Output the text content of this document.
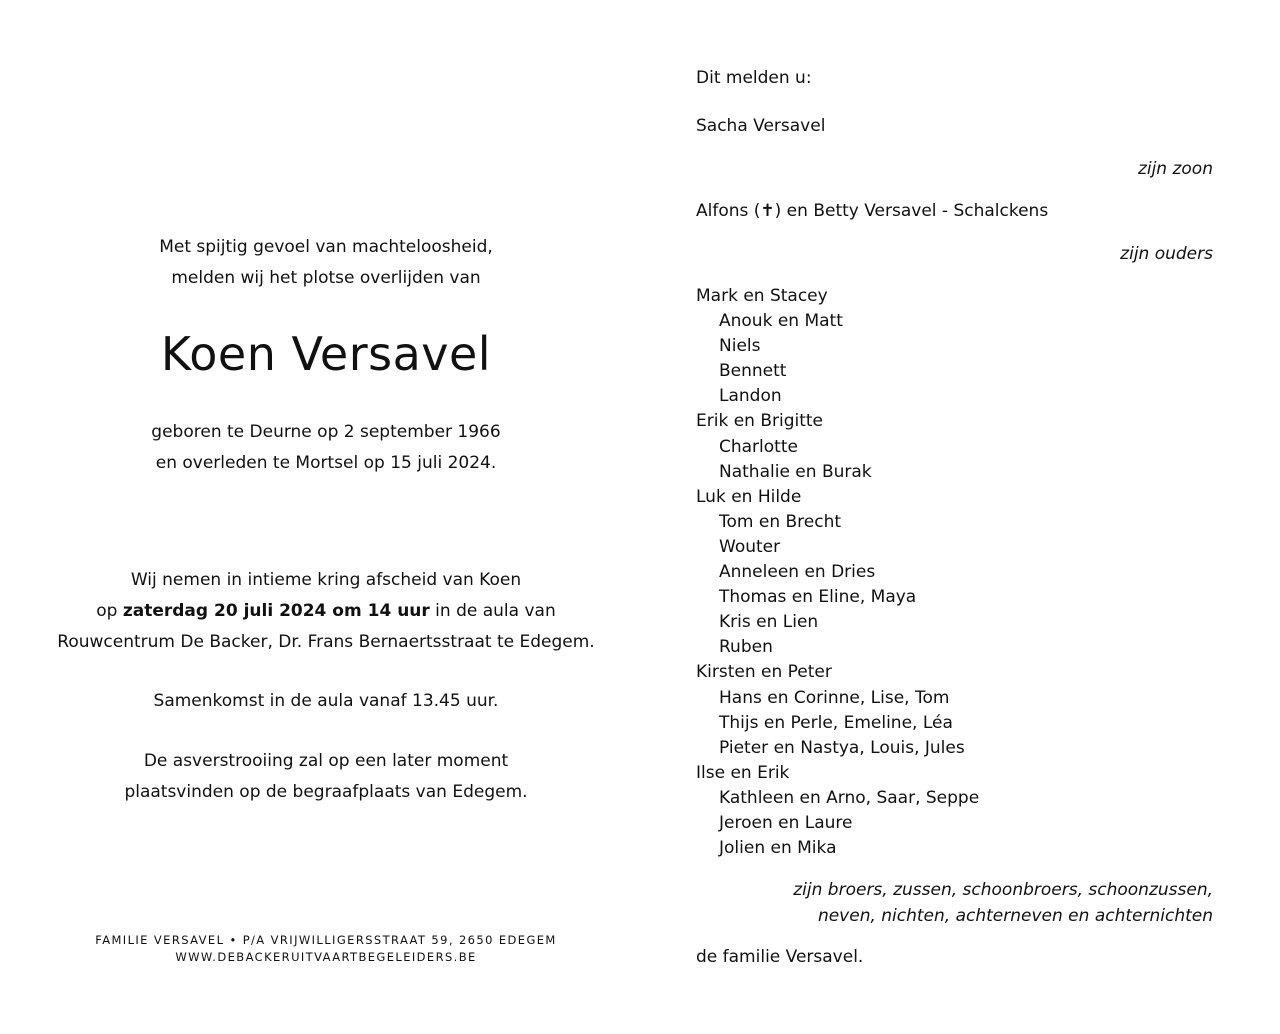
Met spijtig gevoel van machteloosheid,
melden wij het plotse overlijden van
Koen Versavel
geboren te Deurne op 2 september 1966
en overleden te Mortsel op 15 juli 2024.
Wij nemen in intieme kring afscheid van Koen
op zaterdag 20 juli 2024 om 14 uur in de aula van
Rouwcentrum De Backer, Dr. Frans Bernaertsstraat te Edegem.
Samenkomst in de aula vanaf 13.45 uur.
De asverstrooiing zal op een later moment
plaatsvinden op de begraafplaats van Edegem.
FAMILIE VERSAVEL • P/A VRIJWILLIGERSSTRAAT 59, 2650 EDEGEM
WWW.DEBACKERUITVAARTBEGELEIDERS.BE
Dit melden u:
Sacha Versavel
zijn zoon
Alfons (✝) en Betty Versavel - Schalckens
zijn ouders
Mark en Stacey
Anouk en Matt
Niels
Bennett
Landon
Erik en Brigitte
Charlotte
Nathalie en Burak
Luk en Hilde
Tom en Brecht
Wouter
Anneleen en Dries
Thomas en Eline, Maya
Kris en Lien
Ruben
Kirsten en Peter
Hans en Corinne, Lise, Tom
Thijs en Perle, Emeline, Léa
Pieter en Nastya, Louis, Jules
Ilse en Erik
Kathleen en Arno, Saar, Seppe
Jeroen en Laure
Jolien en Mika
zijn broers, zussen, schoonbroers, schoonzussen,
neven, nichten, achterneven en achternichten
de familie Versavel.
